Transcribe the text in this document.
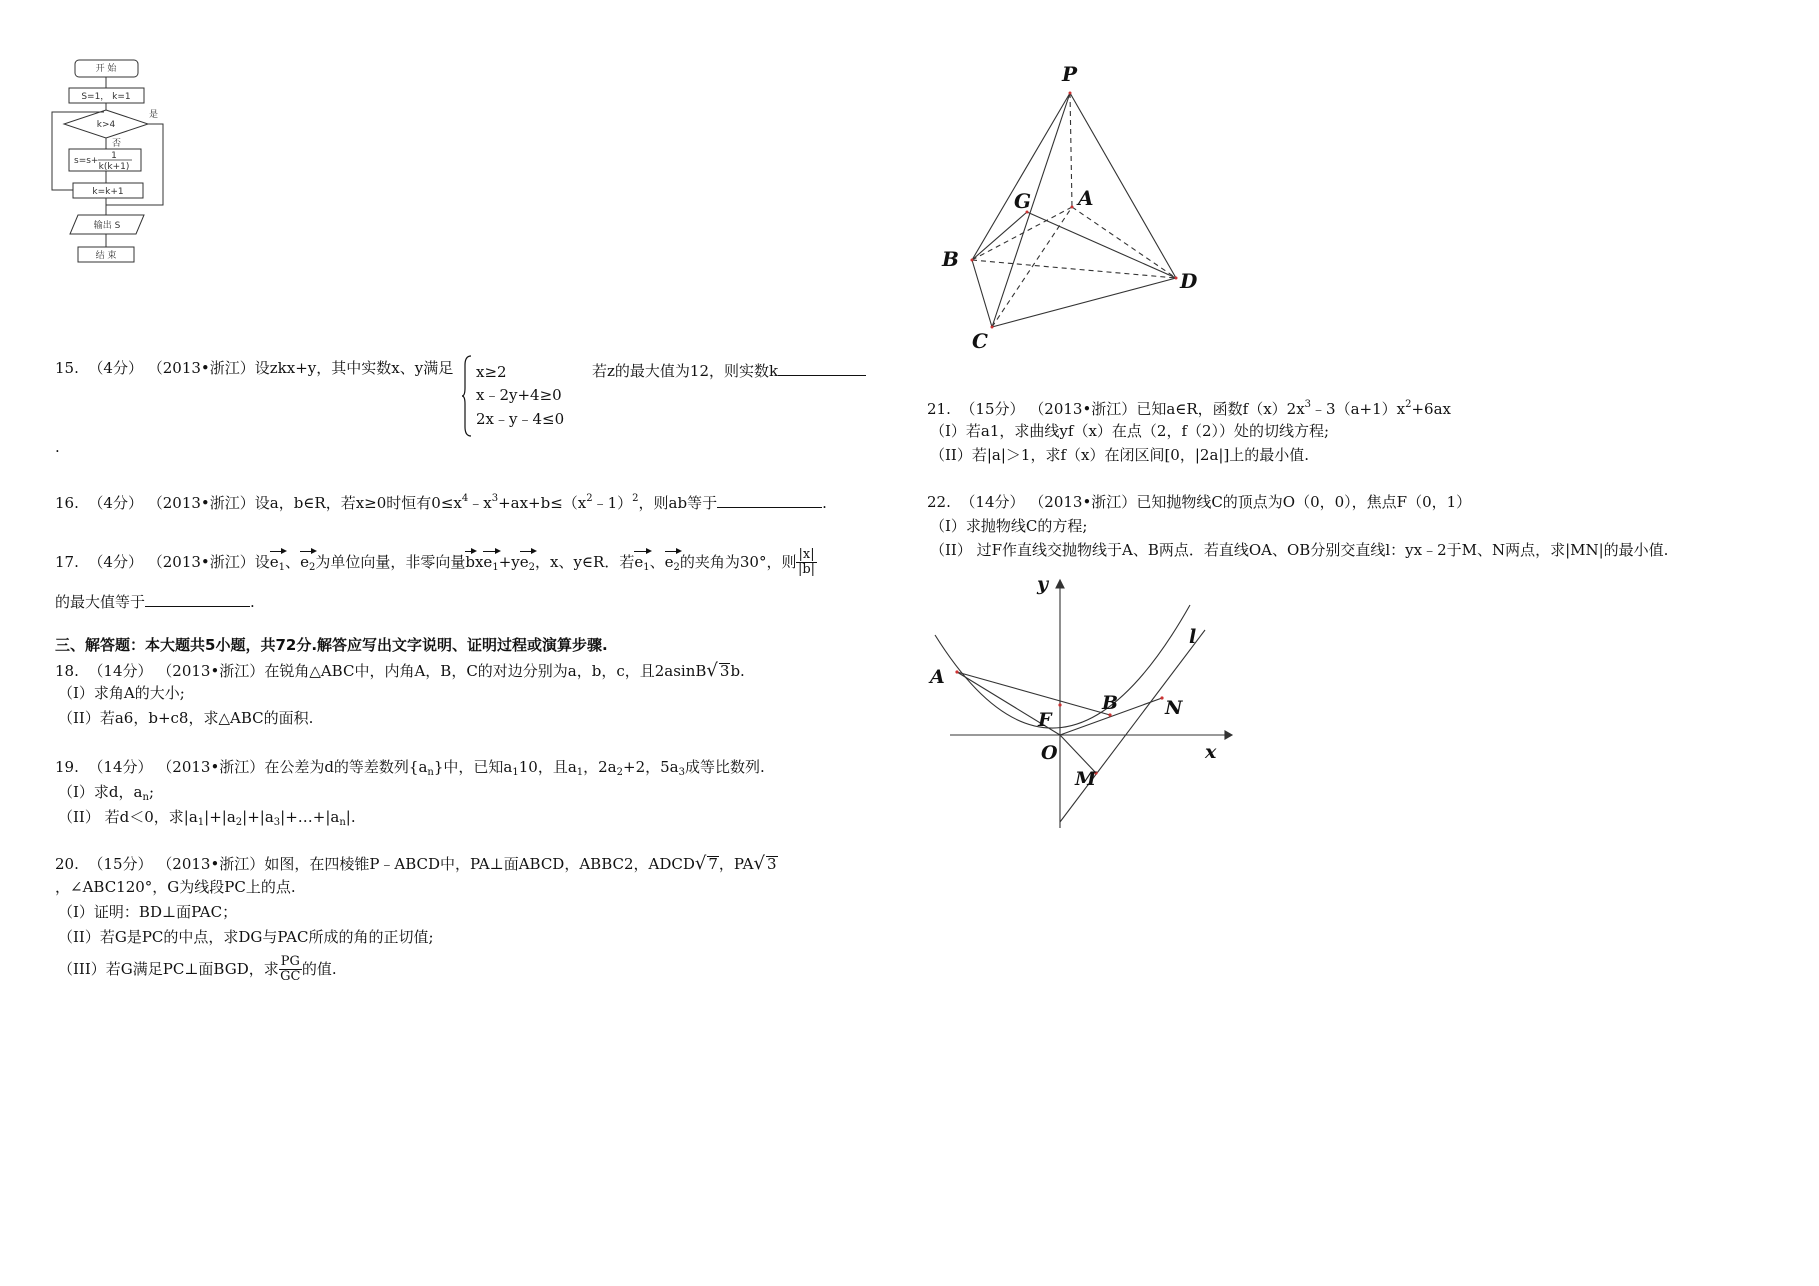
开 始
S=1， k=1
k>4
是
否
s=s+ 1
k(k+1)
k=k+1
输出 S
结 束
15. （4分） （2013•浙江）设zkx+y，其中实数x、y满足 x≥2
x﹣2y+4≥0
2x﹣y﹣4≤0
若z的最大值为12，则实数k
.
16. （4分） （2013•浙江）设a，b∈R，若x≥0时恒有$0\le x^4﹣x^3+ax+b\le(x^2﹣1)^2$，则ab等于	.
17. （4分） （2013•浙江）设$e_1$、$e_2$为单位向量，非零向量$bxe_1+ye_2$，x、y∈R．若$e_1$、$e_2$的夹角为30°，则 $\frac{|x|}{|b|}$
的最大值等于	.
三、解答题：本大题共5小题，共72分.解答应写出文字说明、证明过程或演算步骤.
18. （14分） （2013•浙江）在锐角△ABC中，内角A，B，C的对边分别为a，b，c，且2asinB√ 3b.
（I）求角A的大小;
（II）若a6，b+c8，求△ABC的面积.
19. （14分） （2013•浙江）在公差为d的等差数列$\{a_n\}$中，已知$a_110$，且$a_1$，$2a_2+2$，$5a_3$成等比数列.
（I）求d，$a_n$;
（II） 若d＜0，求$|a_1|+|a_2|+|a_3|+\dots+|a_n|$.
20. （15分） （2013•浙江）如图，在四棱锥P﹣ABCD中，PA⊥面ABCD，ABBC2，ADCD√ 7，PA√ 3
，∠ABC120°，G为线段PC上的点.
（I）证明：BD⊥面PAC；
（II）若G是PC的中点，求DG与PAC所成的角的正切值;
（III）若G满足PC⊥面BGD，求 $\frac{PG}{GC}$ 的值.
P
G A
B
D
C
21. （15分） （2013•浙江）已知a∈R，函数$f(x)2x^3﹣3(a+1)x^2+6ax$
（I）若a1，求曲线yf（x）在点（2，f（2））处的切线方程;
（II）若|a|＞1，求f（x）在闭区间[0，|2a|]上的最小值.
22. （14分） （2013•浙江）已知抛物线C的顶点为O（0，0），焦点F（0，1）
（I）求抛物线C的方程;
（II） 过F作直线交抛物线于A、B两点．若直线OA、OB分别交直线l：yx﹣2于M、N两点，求|MN|的最小值.
y
x
l
A
F
B N
O
M
